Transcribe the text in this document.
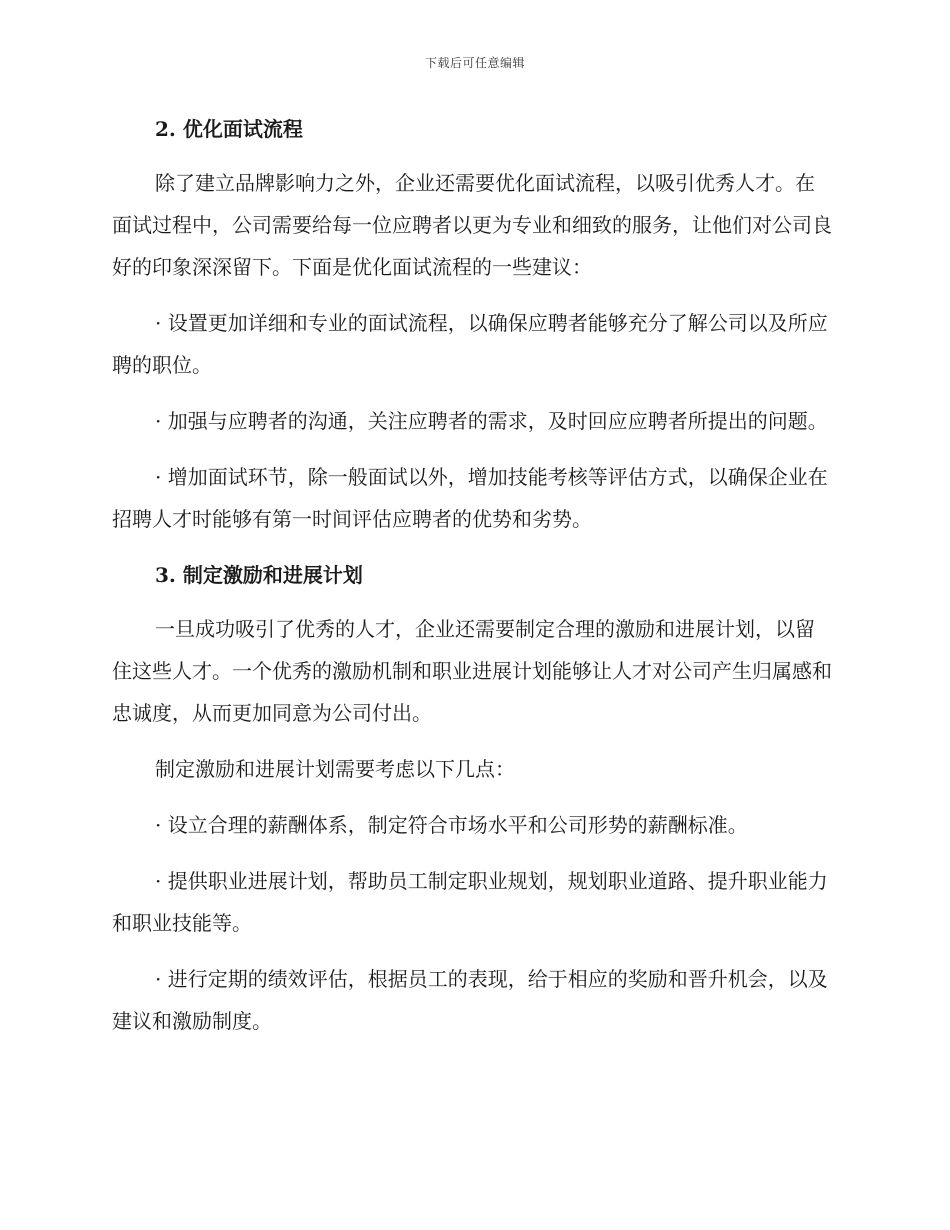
下载后可任意编辑
2. 优化面试流程

除了建立品牌影响力之外，企业还需要优化面试流程，以吸引优秀人才。在面试过程中，公司需要给每一位应聘者以更为专业和细致的服务，让他们对公司良好的印象深深留下。下面是优化面试流程的一些建议：

· 设置更加详细和专业的面试流程，以确保应聘者能够充分了解公司以及所应聘的职位。

· 加强与应聘者的沟通，关注应聘者的需求，及时回应应聘者所提出的问题。

· 增加面试环节，除一般面试以外，增加技能考核等评估方式，以确保企业在招聘人才时能够有第一时间评估应聘者的优势和劣势。

3. 制定激励和进展计划

一旦成功吸引了优秀的人才，企业还需要制定合理的激励和进展计划，以留住这些人才。一个优秀的激励机制和职业进展计划能够让人才对公司产生归属感和忠诚度，从而更加同意为公司付出。

制定激励和进展计划需要考虑以下几点：

· 设立合理的薪酬体系，制定符合市场水平和公司形势的薪酬标准。

· 提供职业进展计划，帮助员工制定职业规划，规划职业道路、提升职业能力和职业技能等。

· 进行定期的绩效评估，根据员工的表现，给于相应的奖励和晋升机会，以及建议和激励制度。
